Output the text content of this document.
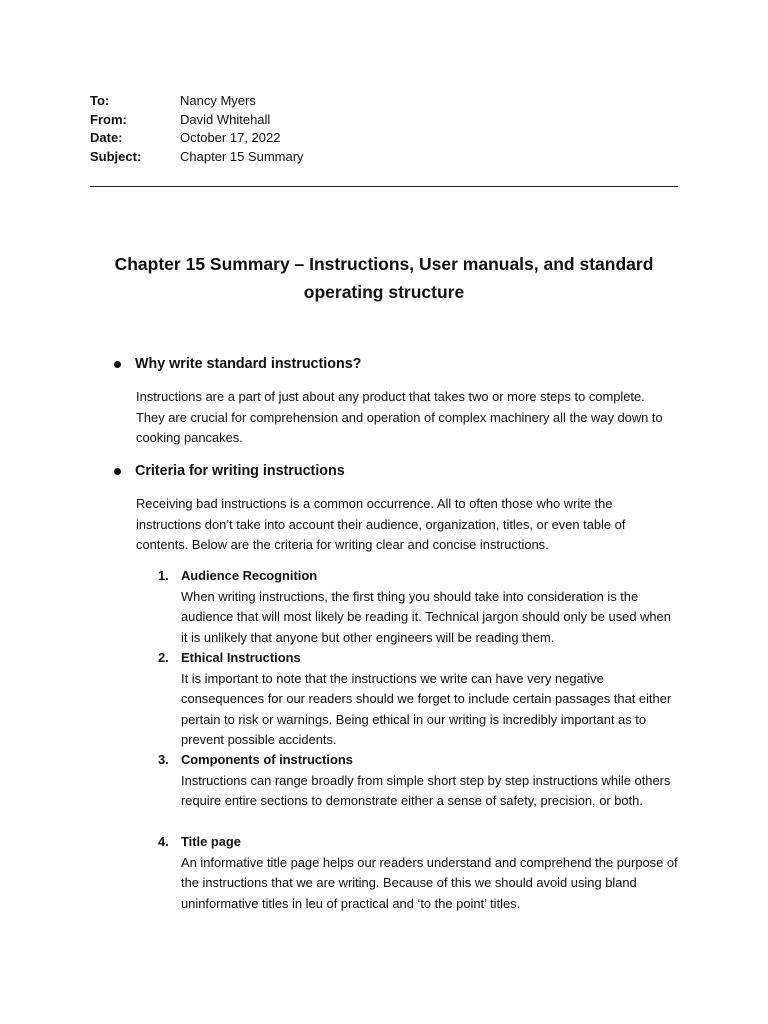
To:	Nancy Myers
From:	David Whitehall
Date:	October 17, 2022
Subject:	Chapter 15 Summary
Chapter 15 Summary – Instructions, User manuals, and standard operating structure
Why write standard instructions?
Instructions are a part of just about any product that takes two or more steps to complete. They are crucial for comprehension and operation of complex machinery all the way down to cooking pancakes.
Criteria for writing instructions
Receiving bad instructions is a common occurrence. All to often those who write the instructions don’t take into account their audience, organization, titles, or even table of contents. Below are the criteria for writing clear and concise instructions.
1. Audience Recognition
When writing instructions, the first thing you should take into consideration is the audience that will most likely be reading it. Technical jargon should only be used when it is unlikely that anyone but other engineers will be reading them.
2. Ethical Instructions
It is important to note that the instructions we write can have very negative consequences for our readers should we forget to include certain passages that either pertain to risk or warnings. Being ethical in our writing is incredibly important as to prevent possible accidents.
3. Components of instructions
Instructions can range broadly from simple short step by step instructions while others require entire sections to demonstrate either a sense of safety, precision, or both.
4. Title page
An informative title page helps our readers understand and comprehend the purpose of the instructions that we are writing. Because of this we should avoid using bland uninformative titles in leu of practical and ‘to the point’ titles.
